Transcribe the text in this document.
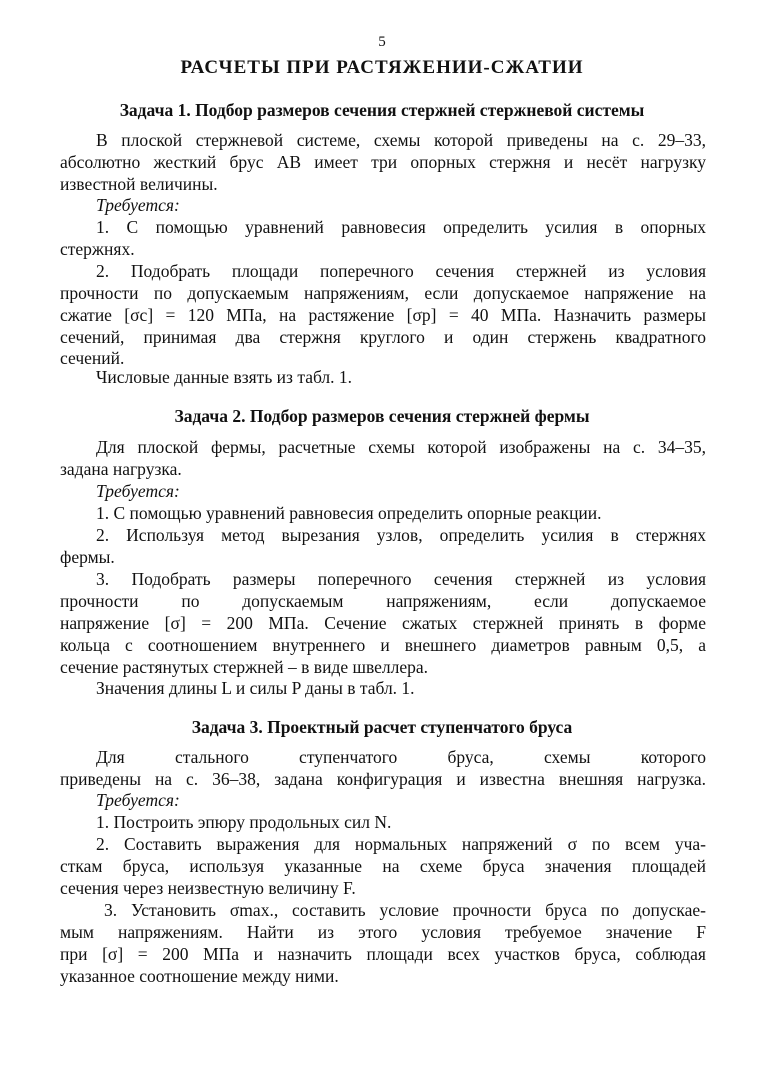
5
РАСЧЕТЫ ПРИ РАСТЯЖЕНИИ-СЖАТИИ
Задача 1. Подбор размеров сечения стержней стержневой системы
В плоской стержневой системе, схемы которой приведены на с. 29–33,
абсолютно жесткий брус AB имеет три опорных стержня и несёт нагрузку
известной величины.
Требуется:
1. С помощью уравнений равновесия определить усилия в опорных
стержнях.
2. Подобрать площади поперечного сечения стержней из условия
прочности по допускаемым напряжениям, если допускаемое напряжение на
сжатие [σc] = 120 МПа, на растяжение [σp] = 40 МПа. Назначить размеры
сечений, принимая два стержня круглого и один стержень квадратного
сечений.
Числовые данные взять из табл. 1.
Задача 2. Подбор размеров сечения стержней фермы
Для плоской фермы, расчетные схемы которой изображены на с. 34–35,
задана нагрузка.
Требуется:
1. С помощью уравнений равновесия определить опорные реакции.
2. Используя метод вырезания узлов, определить усилия в стержнях
фермы.
3. Подобрать размеры поперечного сечения стержней из условия
прочности по допускаемым напряжениям, если допускаемое
напряжение [σ] = 200 МПа. Сечение сжатых стержней принять в форме
кольца с соотношением внутреннего и внешнего диаметров равным 0,5, а
сечение растянутых стержней – в виде швеллера.
Значения длины L и силы P даны в табл. 1.
Задача 3. Проектный расчет ступенчатого бруса
Для стального ступенчатого бруса, схемы которого
приведены на с. 36–38, задана конфигурация и известна внешняя нагрузка.
Требуется:
1. Построить эпюру продольных сил N.
2. Составить выражения для нормальных напряжений σ по всем уча-
сткам бруса, используя указанные на схеме бруса значения площадей
сечения через неизвестную величину F.
3. Установить σmax., составить условие прочности бруса по допускае-
мым напряжениям. Найти из этого условия требуемое значение F
при [σ] = 200 МПа и назначить площади всех участков бруса, соблюдая
указанное соотношение между ними.
